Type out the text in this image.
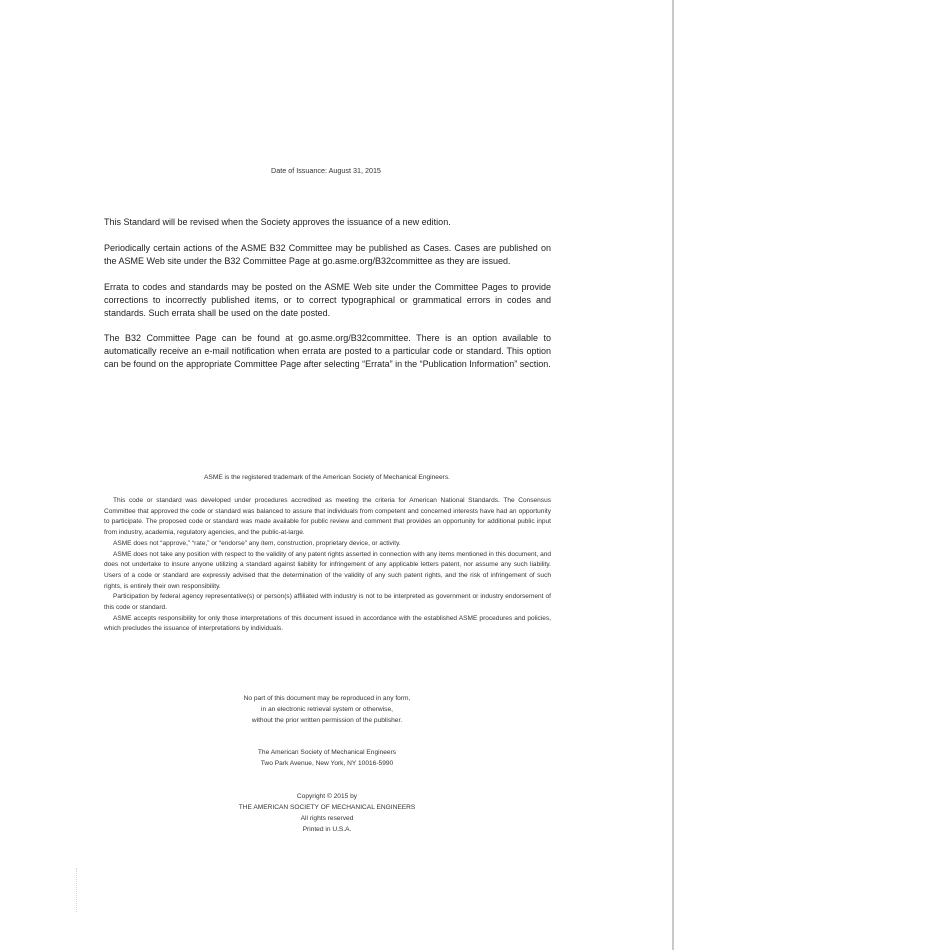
Date of Issuance: August 31, 2015

This Standard will be revised when the Society approves the issuance of a new edition.

Periodically certain actions of the ASME B32 Committee may be published as Cases. Cases are published on the ASME Web site under the B32 Committee Page at go.asme.org/B32committee as they are issued.

Errata to codes and standards may be posted on the ASME Web site under the Committee Pages to provide corrections to incorrectly published items, or to correct typographical or grammatical errors in codes and standards. Such errata shall be used on the date posted.

The B32 Committee Page can be found at go.asme.org/B32committee. There is an option available to automatically receive an e-mail notification when errata are posted to a particular code or standard. This option can be found on the appropriate Committee Page after selecting “Errata” in the “Publication Information” section.

ASME is the registered trademark of the American Society of Mechanical Engineers.

This code or standard was developed under procedures accredited as meeting the criteria for American National Standards. The Consensus Committee that approved the code or standard was balanced to assure that individuals from competent and concerned interests have had an opportunity to participate. The proposed code or standard was made available for public review and comment that provides an opportunity for additional public input from industry, academia, regulatory agencies, and the public-at-large.

ASME does not “approve,” “rate,” or “endorse” any item, construction, proprietary device, or activity.

ASME does not take any position with respect to the validity of any patent rights asserted in connection with any items mentioned in this document, and does not undertake to insure anyone utilizing a standard against liability for infringement of any applicable letters patent, nor assume any such liability. Users of a code or standard are expressly advised that the determination of the validity of any such patent rights, and the risk of infringement of such rights, is entirely their own responsibility.

Participation by federal agency representative(s) or person(s) affiliated with industry is not to be interpreted as government or industry endorsement of this code or standard.

ASME accepts responsibility for only those interpretations of this document issued in accordance with the established ASME procedures and policies, which precludes the issuance of interpretations by individuals.

No part of this document may be reproduced in any form,
in an electronic retrieval system or otherwise,
without the prior written permission of the publisher.
The American Society of Mechanical Engineers
Two Park Avenue, New York, NY 10016-5990
Copyright © 2015 by
THE AMERICAN SOCIETY OF MECHANICAL ENGINEERS
All rights reserved
Printed in U.S.A.
